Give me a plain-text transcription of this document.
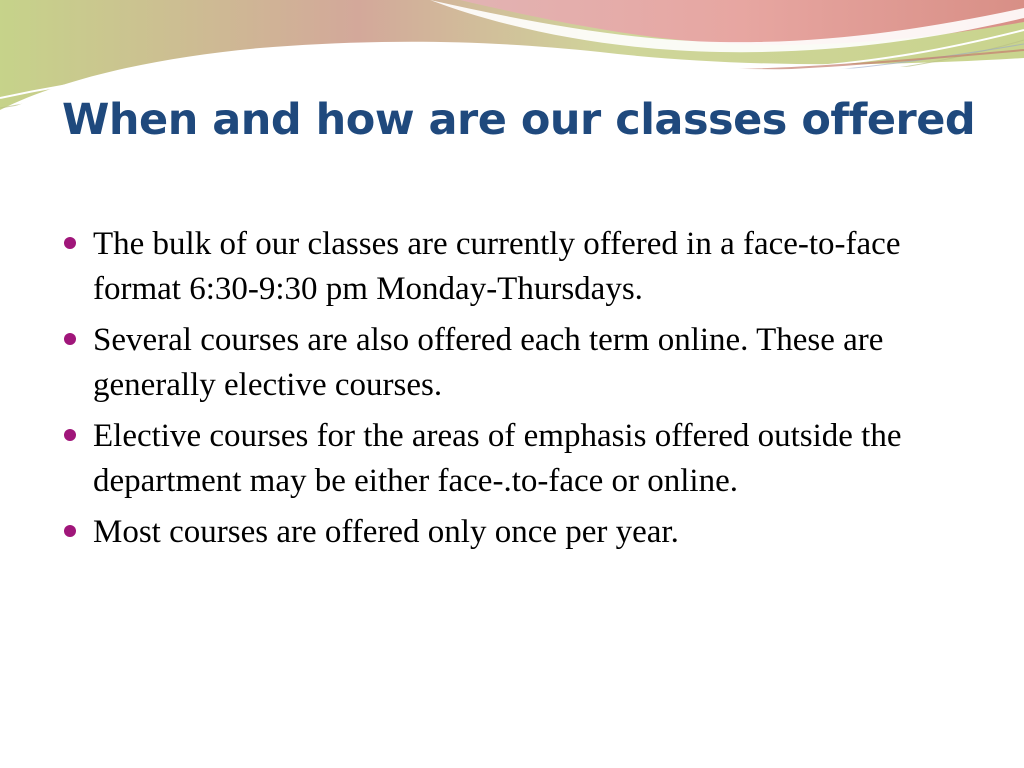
When and how are our classes offered
The bulk of our classes are currently offered in a face-to-face format 6:30-9:30 pm Monday-Thursdays.
Several courses are also offered each term online. These are generally elective courses.
Elective courses for the areas of emphasis offered outside the department may be either face-.to-face or online.
Most courses are offered only once per year.
